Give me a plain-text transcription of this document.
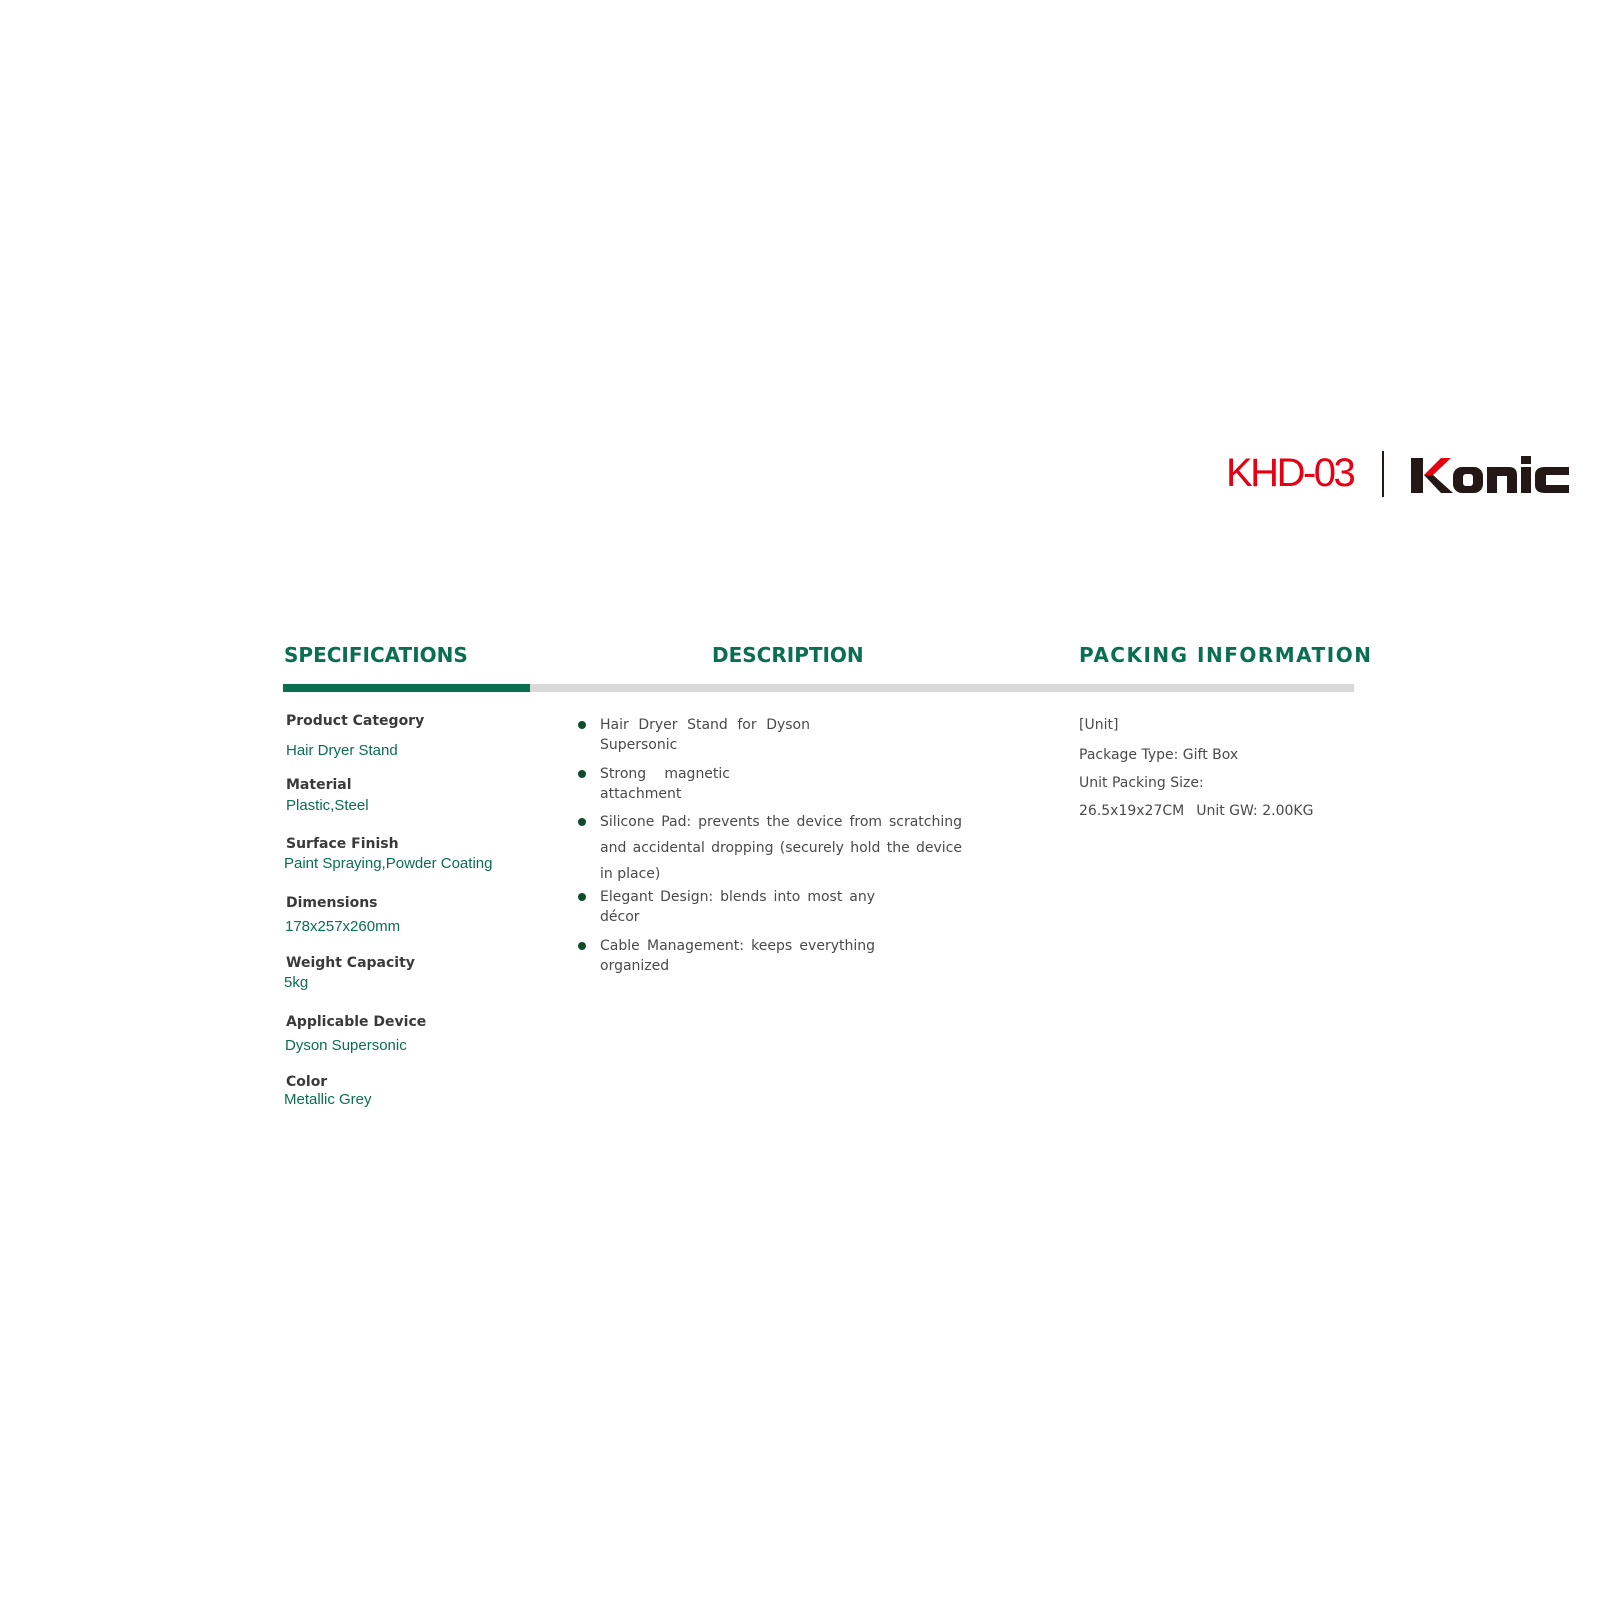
KHD-03
SPECIFICATIONS	DESCRIPTION	PACKING INFORMATION
Product Category
Hair Dryer Stand
Material
Plastic,Steel
Surface Finish
Paint Spraying,Powder Coating
Dimensions
178x257x260mm
Weight Capacity
5kg
Applicable Device
Dyson Supersonic
Color
Metallic Grey

Hair Dryer Stand for Dyson Supersonic

Strong magnetic attachment

Silicone Pad: prevents the device from scratching and accidental dropping (securely hold the device in place)

Elegant Design: blends into most any décor

Cable Management: keeps everything organized

[Unit]
Package Type: Gift Box
Unit Packing Size:
26.5x19x27CM Unit GW: 2.00KG
